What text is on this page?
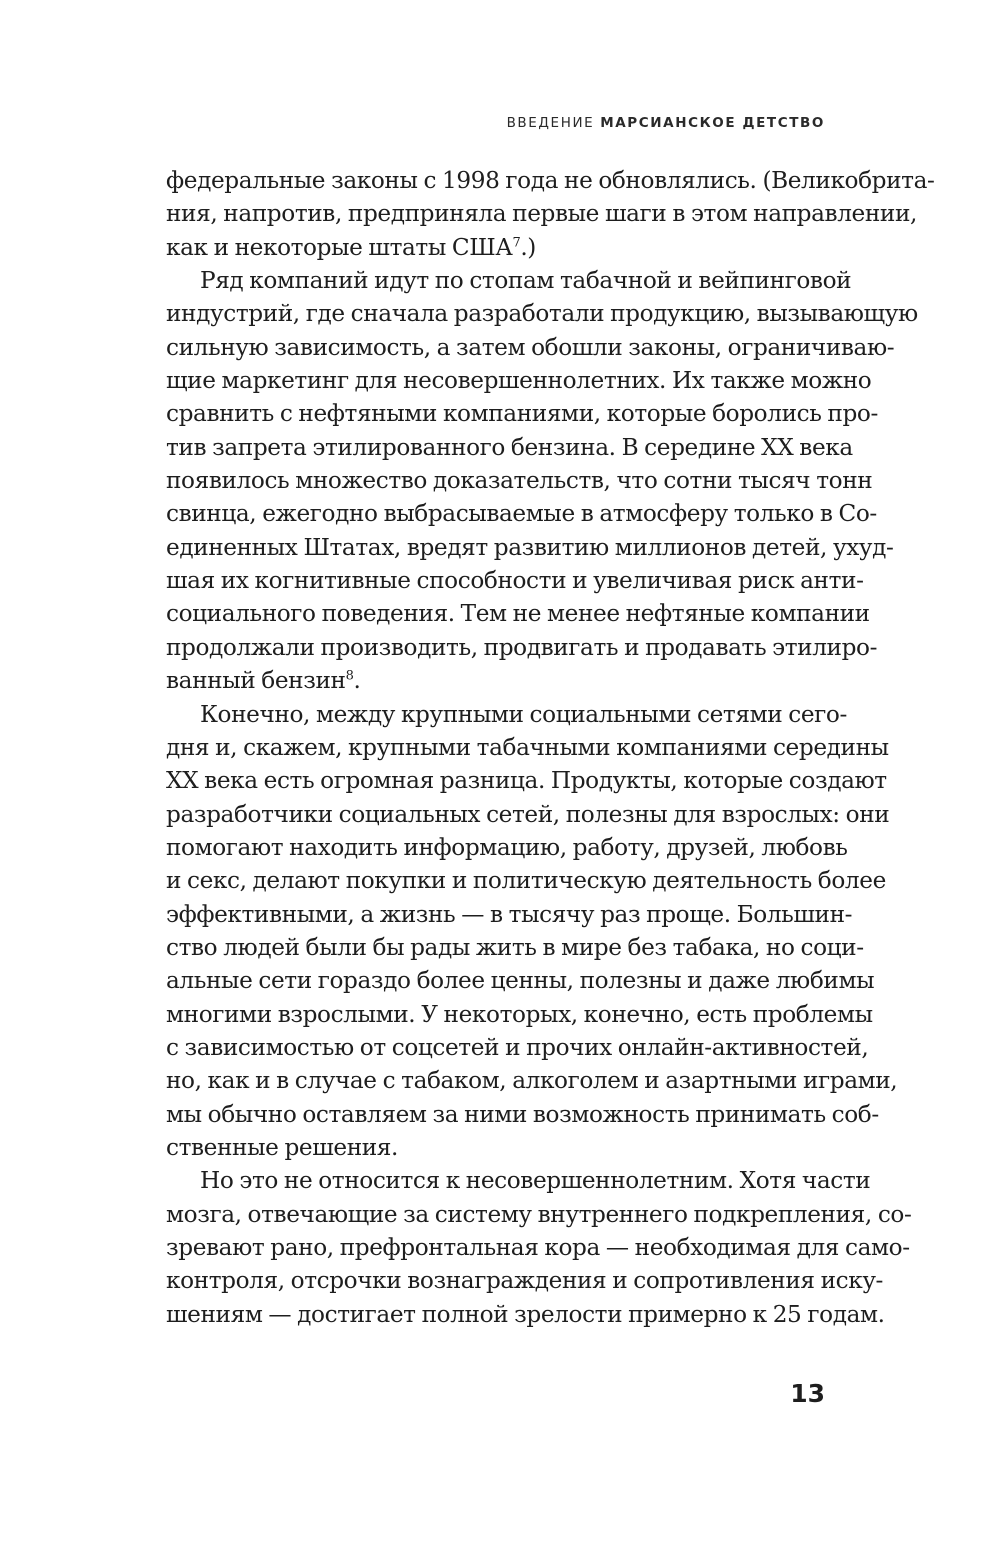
ВВЕДЕНИЕ МАРСИАНСКОЕ ДЕТСТВО
федеральные законы с 1998 года не обновлялись. (Великобрита-
ния, напротив, предприняла первые шаги в этом направлении,
как и некоторые штаты США$^7$.)
Ряд компаний идут по стопам табачной и вейпинговой
индустрий, где сначала разработали продукцию, вызывающую
сильную зависимость, а затем обошли законы, ограничиваю-
щие маркетинг для несовершеннолетних. Их также можно
сравнить с нефтяными компаниями, которые боролись про-
тив запрета этилированного бензина. В середине XX века
появилось множество доказательств, что сотни тысяч тонн
свинца, ежегодно выбрасываемые в атмосферу только в Со-
единенных Штатах, вредят развитию миллионов детей, ухуд-
шая их когнитивные способности и увеличивая риск анти-
социального поведения. Тем не менее нефтяные компании
продолжали производить, продвигать и продавать этилиро-
ванный бензин$^8$.
Конечно, между крупными социальными сетями сего-
дня и, скажем, крупными табачными компаниями середины
XX века есть огромная разница. Продукты, которые создают
разработчики социальных сетей, полезны для взрослых: они
помогают находить информацию, работу, друзей, любовь
и секс, делают покупки и политическую деятельность более
эффективными, а жизнь — в тысячу раз проще. Большин-
ство людей были бы рады жить в мире без табака, но соци-
альные сети гораздо более ценны, полезны и даже любимы
многими взрослыми. У некоторых, конечно, есть проблемы
с зависимостью от соцсетей и прочих онлайн-активностей,
но, как и в случае с табаком, алкоголем и азартными играми,
мы обычно оставляем за ними возможность принимать соб-
ственные решения.
Но это не относится к несовершеннолетним. Хотя части
мозга, отвечающие за систему внутреннего подкрепления, со-
зревают рано, префронтальная кора — необходимая для само-
контроля, отсрочки вознаграждения и сопротивления иску-
шениям — достигает полной зрелости примерно к 25 годам.
13
